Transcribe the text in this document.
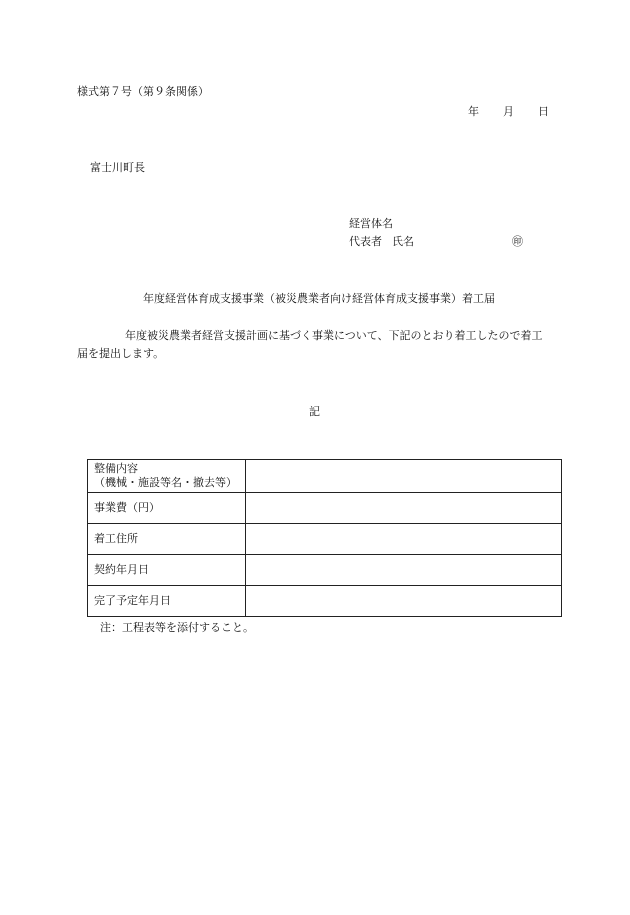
様式第７号（第９条関係）
年 月 日
富士川町長
経営体名
代表者 氏名	㊞
年度経営体育成支援事業（被災農業者向け経営体育成支援事業）着工届
年度被災農業者経営支援計画に基づく事業について、下記のとおり着工したので着工届を提出します。
記
整備内容
（機械・施設等名・撤去等）	

事業費（円）	
着工住所	
契約年月日	
完了予定年月日	
注：工程表等を添付すること。
